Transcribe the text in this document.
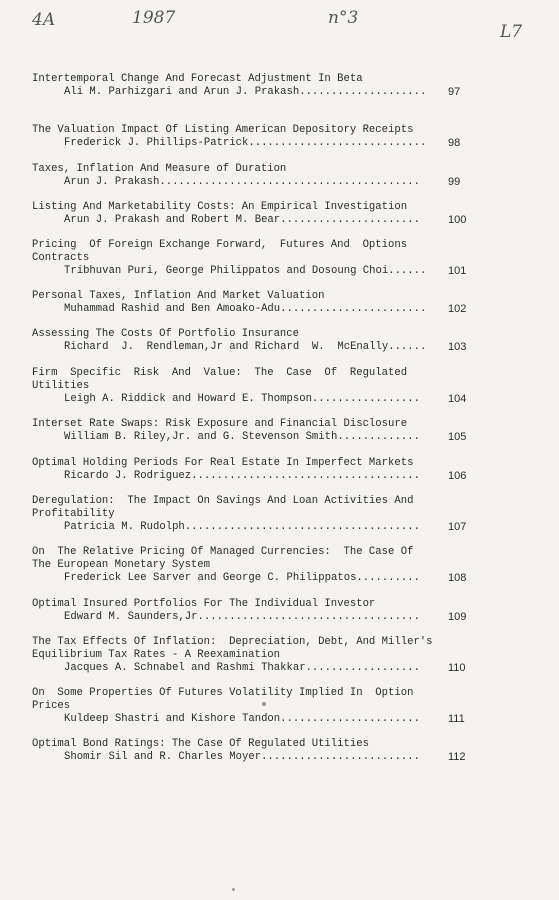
4A	1987	n°3
L7
Intertemporal Change And Forecast Adjustment In Beta
Ali M. Parhizgari and Arun J. Prakash....................	97
The Valuation Impact Of Listing American Depository Receipts
Frederick J. Phillips-Patrick............................	98
Taxes, Inflation And Measure of Duration
Arun J. Prakash.........................................	99
Listing And Marketability Costs: An Empirical Investigation
Arun J. Prakash and Robert M. Bear......................	100
Pricing  Of Foreign Exchange Forward,  Futures And  Options
Contracts
Tribhuvan Puri, George Philippatos and Dosoung Choi......	101
Personal Taxes, Inflation And Market Valuation
Muhammad Rashid and Ben Amoako-Adu.......................	102
Assessing The Costs Of Portfolio Insurance
Richard  J.  Rendleman,Jr and Richard  W.  McEnally......	103
Firm  Specific  Risk  And  Value:  The  Case  Of  Regulated
Utilities
Leigh A. Riddick and Howard E. Thompson.................	104
Interset Rate Swaps: Risk Exposure and Financial Disclosure
William B. Riley,Jr. and G. Stevenson Smith.............	105
Optimal Holding Periods For Real Estate In Imperfect Markets
Ricardo J. Rodriguez....................................	106
Deregulation:  The Impact On Savings And Loan Activities And
Profitability
Patricia M. Rudolph.....................................	107
On  The Relative Pricing Of Managed Currencies:  The Case Of
The European Monetary System
Frederick Lee Sarver and George C. Philippatos..........	108
Optimal Insured Portfolios For The Individual Investor
Edward M. Saunders,Jr...................................	109
The Tax Effects Of Inflation:  Depreciation, Debt, And Miller's
Equilibrium Tax Rates - A Reexamination
Jacques A. Schnabel and Rashmi Thakkar..................	110
On  Some Properties Of Futures Volatility Implied In  Option
Prices
Kuldeep Shastri and Kishore Tandon......................	111
Optimal Bond Ratings: The Case Of Regulated Utilities
Shomir Sil and R. Charles Moyer.........................	112
